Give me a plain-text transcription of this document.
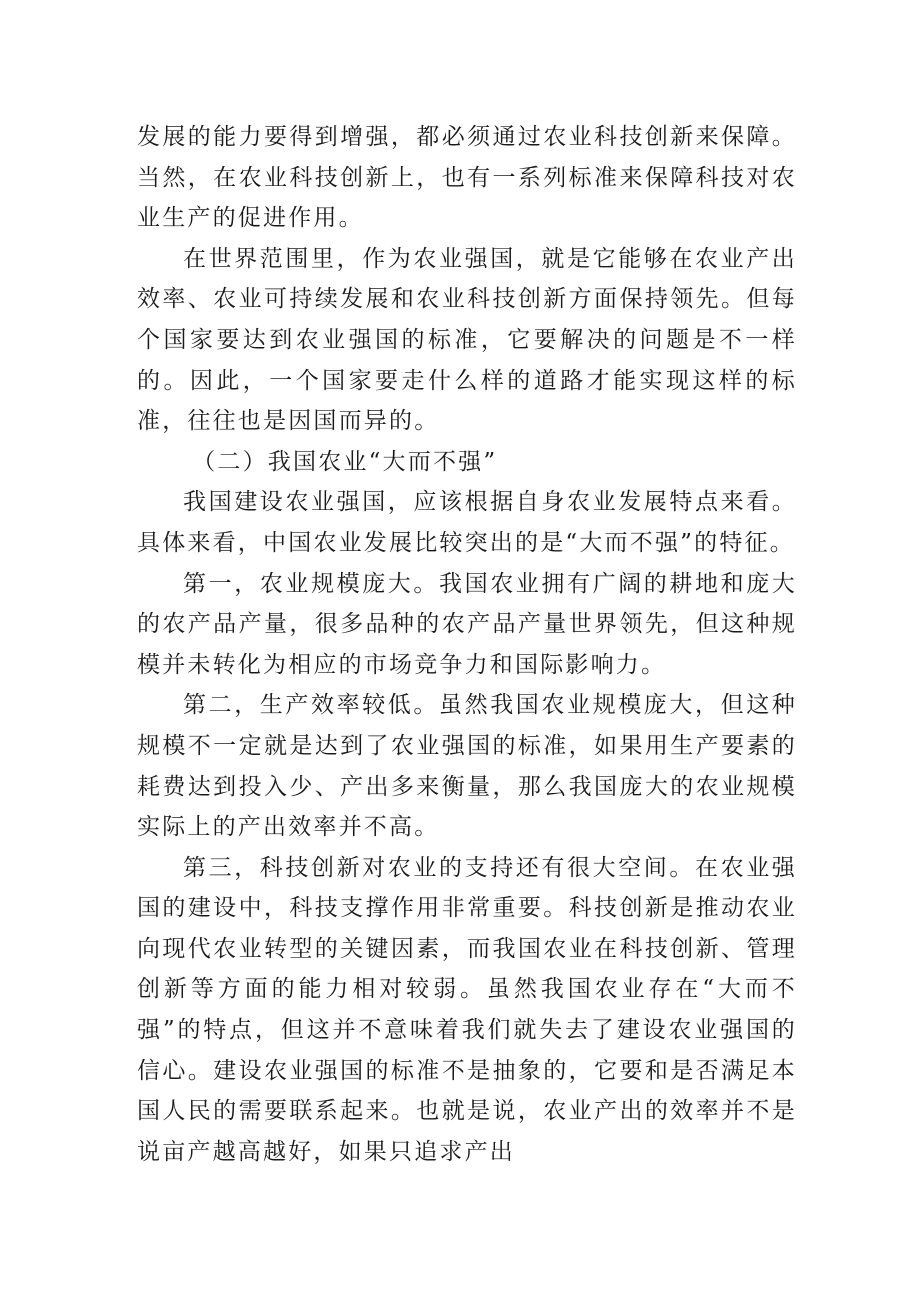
发展的能力要得到增强，都必须通过农业科技创新来保障。当然，在农业科技创新上，也有一系列标准来保障科技对农业生产的促进作用。

在世界范围里，作为农业强国，就是它能够在农业产出效率、农业可持续发展和农业科技创新方面保持领先。但每个国家要达到农业强国的标准，它要解决的问题是不一样的。因此，一个国家要走什么样的道路才能实现这样的标准，往往也是因国而异的。

（二）我国农业“大而不强”

我国建设农业强国，应该根据自身农业发展特点来看。具体来看，中国农业发展比较突出的是“大而不强”的特征。

第一，农业规模庞大。我国农业拥有广阔的耕地和庞大的农产品产量，很多品种的农产品产量世界领先，但这种规模并未转化为相应的市场竞争力和国际影响力。

第二，生产效率较低。虽然我国农业规模庞大，但这种规模不一定就是达到了农业强国的标准，如果用生产要素的耗费达到投入少、产出多来衡量，那么我国庞大的农业规模实际上的产出效率并不高。

第三，科技创新对农业的支持还有很大空间。在农业强国的建设中，科技支撑作用非常重要。科技创新是推动农业向现代农业转型的关键因素，而我国农业在科技创新、管理创新等方面的能力相对较弱。虽然我国农业存在“大而不强”的特点，但这并不意味着我们就失去了建设农业强国的信心。建设农业强国的标准不是抽象的，它要和是否满足本国人民的需要联系起来。也就是说，农业产出的效率并不是说亩产越高越好，如果只追求产出
